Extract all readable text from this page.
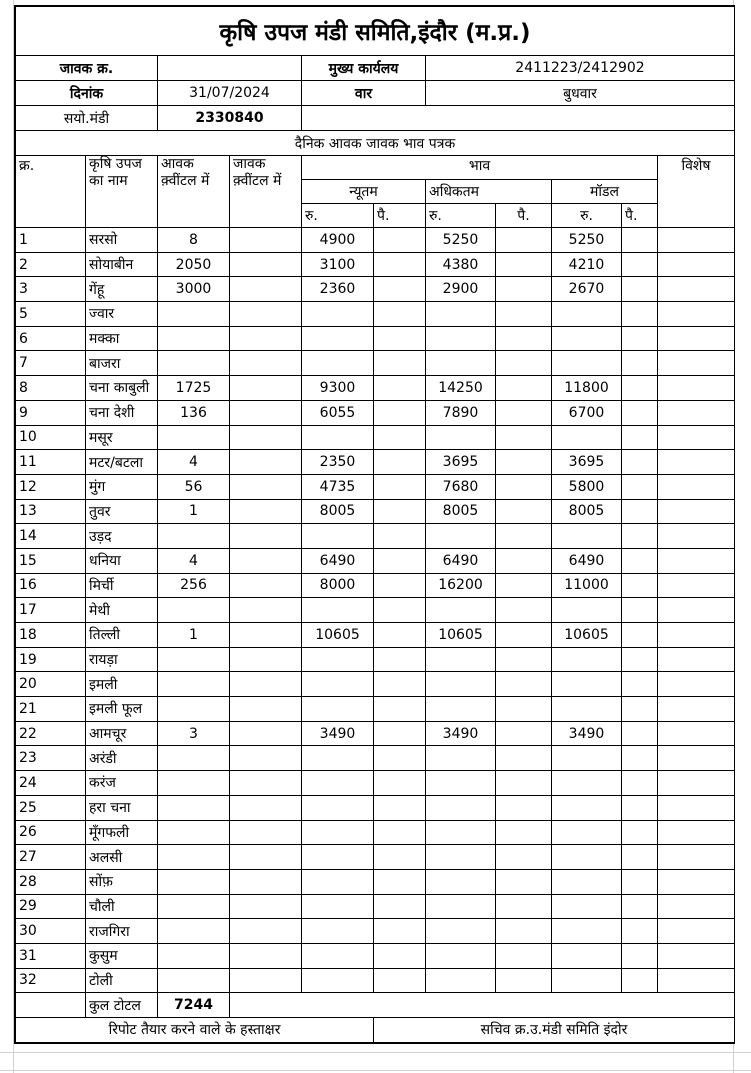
कृषि उपज मंडी समिति,इंदौर (म.प्र.)										
जावक क्र.				मुख्य कार्यलय		2411223/2412902				
दिनांक		31/07/2024		वार		बुधवार				
सयो.मंडी		2330840								
दैनिक आवक जावक भाव पत्रक										
क्र.	कृषि उपज का नाम	आवक क़्वींटल में	जावक क़्वींटल में	भाव						विशेष
				न्यूतम		अधिकतम		मॉडल		
				रु.	पै.	रु.	पै.	रु.	पै.	
1	सरसो	8		4900		5250		5250		
2	सोयाबीन	2050		3100		4380		4210		
3	गेंहू	3000		2360		2900		2670		
5	ज्वार									
6	मक्का									
7	बाजरा									
8	चना काबुली	1725		9300		14250		11800		
9	चना देशी	136		6055		7890		6700		
10	मसूर									
11	मटर/बटला	4		2350		3695		3695		
12	मुंग	56		4735		7680		5800		
13	तुवर	1		8005		8005		8005		
14	उड़द									
15	धनिया	4		6490		6490		6490		
16	मिर्ची	256		8000		16200		11000		
17	मेथी									
18	तिल्ली	1		10605		10605		10605		
19	रायड़ा									
20	इमली									
21	इमली फूल									
22	आमचूर	3		3490		3490		3490		
23	अरंडी									
24	करंज									
25	हरा चना									
26	मूँगफली									
27	अलसी									
28	सोंफ़									
29	चौली									
30	राजगिरा									
31	कुसुम									
32	टोली									
	कुल टोटल	7244								
रिपोट तैयार करने वाले के हस्ताक्षर					सचिव क्र.उ.मंडी समिति इंदोर					
